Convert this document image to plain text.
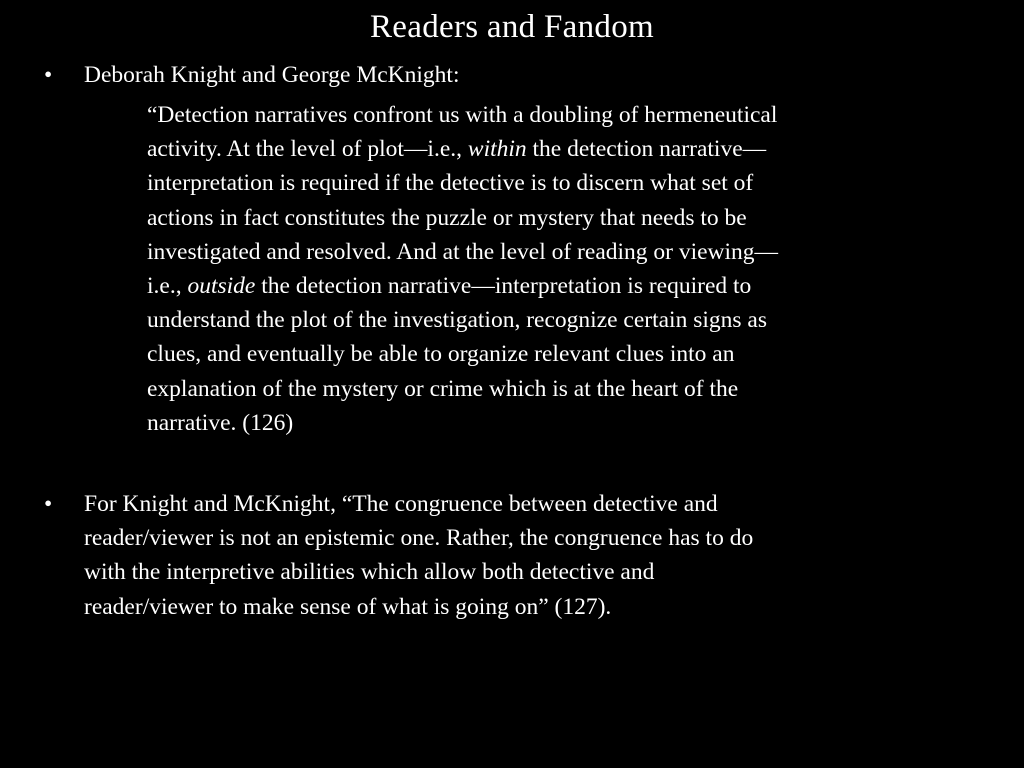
Readers and Fandom
•	Deborah Knight and George McKnight:
“Detection narratives confront us with a doubling of hermeneutical
activity. At the level of plot—i.e., within the detection narrative—
interpretation is required if the detective is to discern what set of
actions in fact constitutes the puzzle or mystery that needs to be
investigated and resolved. And at the level of reading or viewing—
i.e., outside the detection narrative—interpretation is required to
understand the plot of the investigation, recognize certain signs as
clues, and eventually be able to organize relevant clues into an
explanation of the mystery or crime which is at the heart of the
narrative. (126)
•	For Knight and McKnight, “The congruence between detective and
reader/viewer is not an epistemic one. Rather, the congruence has to do
with the interpretive abilities which allow both detective and
reader/viewer to make sense of what is going on” (127).
